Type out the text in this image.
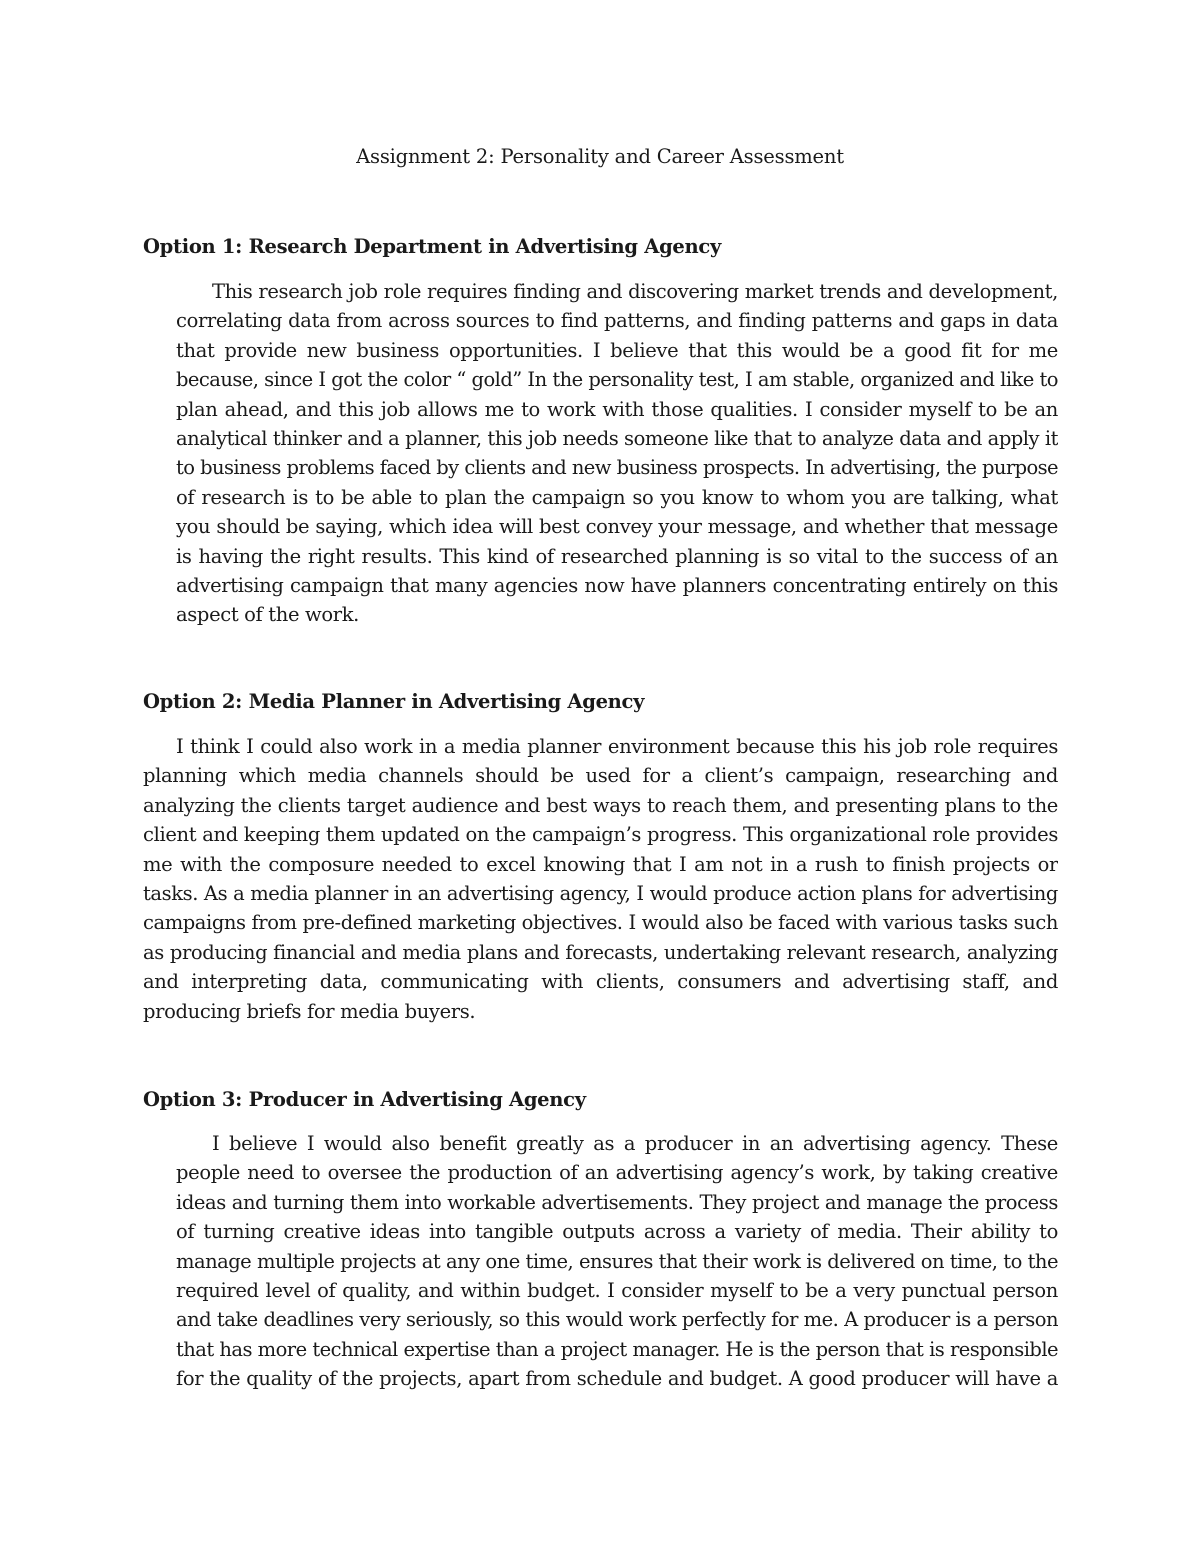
Assignment 2: Personality and Career Assessment
Option 1: Research Department in Advertising Agency
This research job role requires finding and discovering market trends and development,
correlating data from across sources to find patterns, and finding patterns and gaps in data
that provide new business opportunities. I believe that this would be a good fit for me
because, since I got the color “ gold” In the personality test, I am stable, organized and like to
plan ahead, and this job allows me to work with those qualities. I consider myself to be an
analytical thinker and a planner, this job needs someone like that to analyze data and apply it
to business problems faced by clients and new business prospects. In advertising, the purpose
of research is to be able to plan the campaign so you know to whom you are talking, what
you should be saying, which idea will best convey your message, and whether that message
is having the right results. This kind of researched planning is so vital to the success of an
advertising campaign that many agencies now have planners concentrating entirely on this
aspect of the work.
Option 2: Media Planner in Advertising Agency
I think I could also work in a media planner environment because this his job role requires
planning which media channels should be used for a client’s campaign, researching and
analyzing the clients target audience and best ways to reach them, and presenting plans to the
client and keeping them updated on the campaign’s progress. This organizational role provides
me with the composure needed to excel knowing that I am not in a rush to finish projects or
tasks. As a media planner in an advertising agency, I would produce action plans for advertising
campaigns from pre-defined marketing objectives. I would also be faced with various tasks such
as producing financial and media plans and forecasts, undertaking relevant research, analyzing
and interpreting data, communicating with clients, consumers and advertising staff, and
producing briefs for media buyers.
Option 3: Producer in Advertising Agency
I believe I would also benefit greatly as a producer in an advertising agency. These
people need to oversee the production of an advertising agency’s work, by taking creative
ideas and turning them into workable advertisements. They project and manage the process
of turning creative ideas into tangible outputs across a variety of media. Their ability to
manage multiple projects at any one time, ensures that their work is delivered on time, to the
required level of quality, and within budget. I consider myself to be a very punctual person
and take deadlines very seriously, so this would work perfectly for me. A producer is a person
that has more technical expertise than a project manager. He is the person that is responsible
for the quality of the projects, apart from schedule and budget. A good producer will have a
